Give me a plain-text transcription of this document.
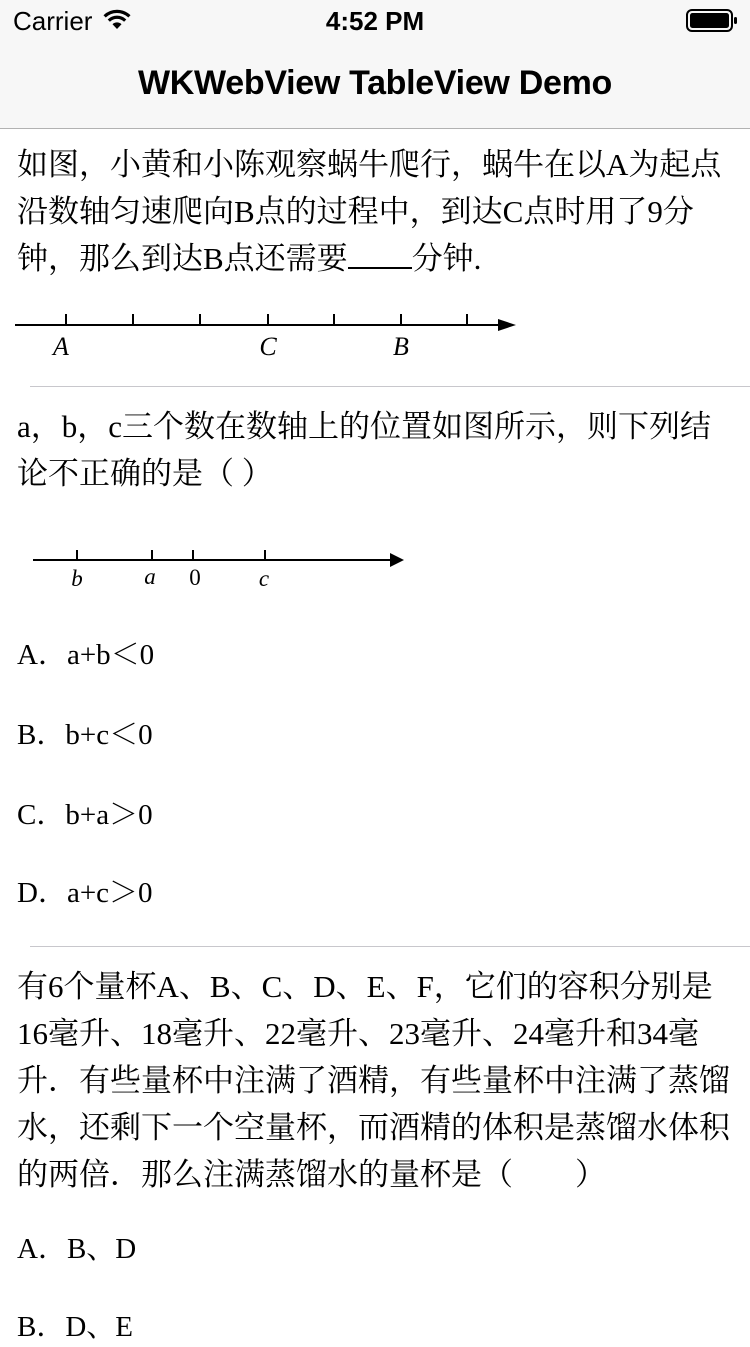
Carrier	4:52 PM
WKWebView TableView Demo

如图，小黄和小陈观察蜗牛爬行，蜗牛在以A为起点沿数轴匀速爬向B点的过程中，到达C点时用了9分钟，那么到达B点还需要 分钟.

A	C	B

a，b，c三个数在数轴上的位置如图所示，则下列结论不正确的是（ ）

b	a 0	c
A．a+b＜0
B．b+c＜0
C．b+a＞0
D．a+c＞0

有6个量杯A、B、C、D、E、F，它们的容积分别是16毫升、18毫升、22毫升、23毫升、24毫升和34毫升．有些量杯中注满了酒精，有些量杯中注满了蒸馏水，还剩下一个空量杯，而酒精的体积是蒸馏水体积的两倍．那么注满蒸馏水的量杯是（　　）

A．B、D
B．D、E
